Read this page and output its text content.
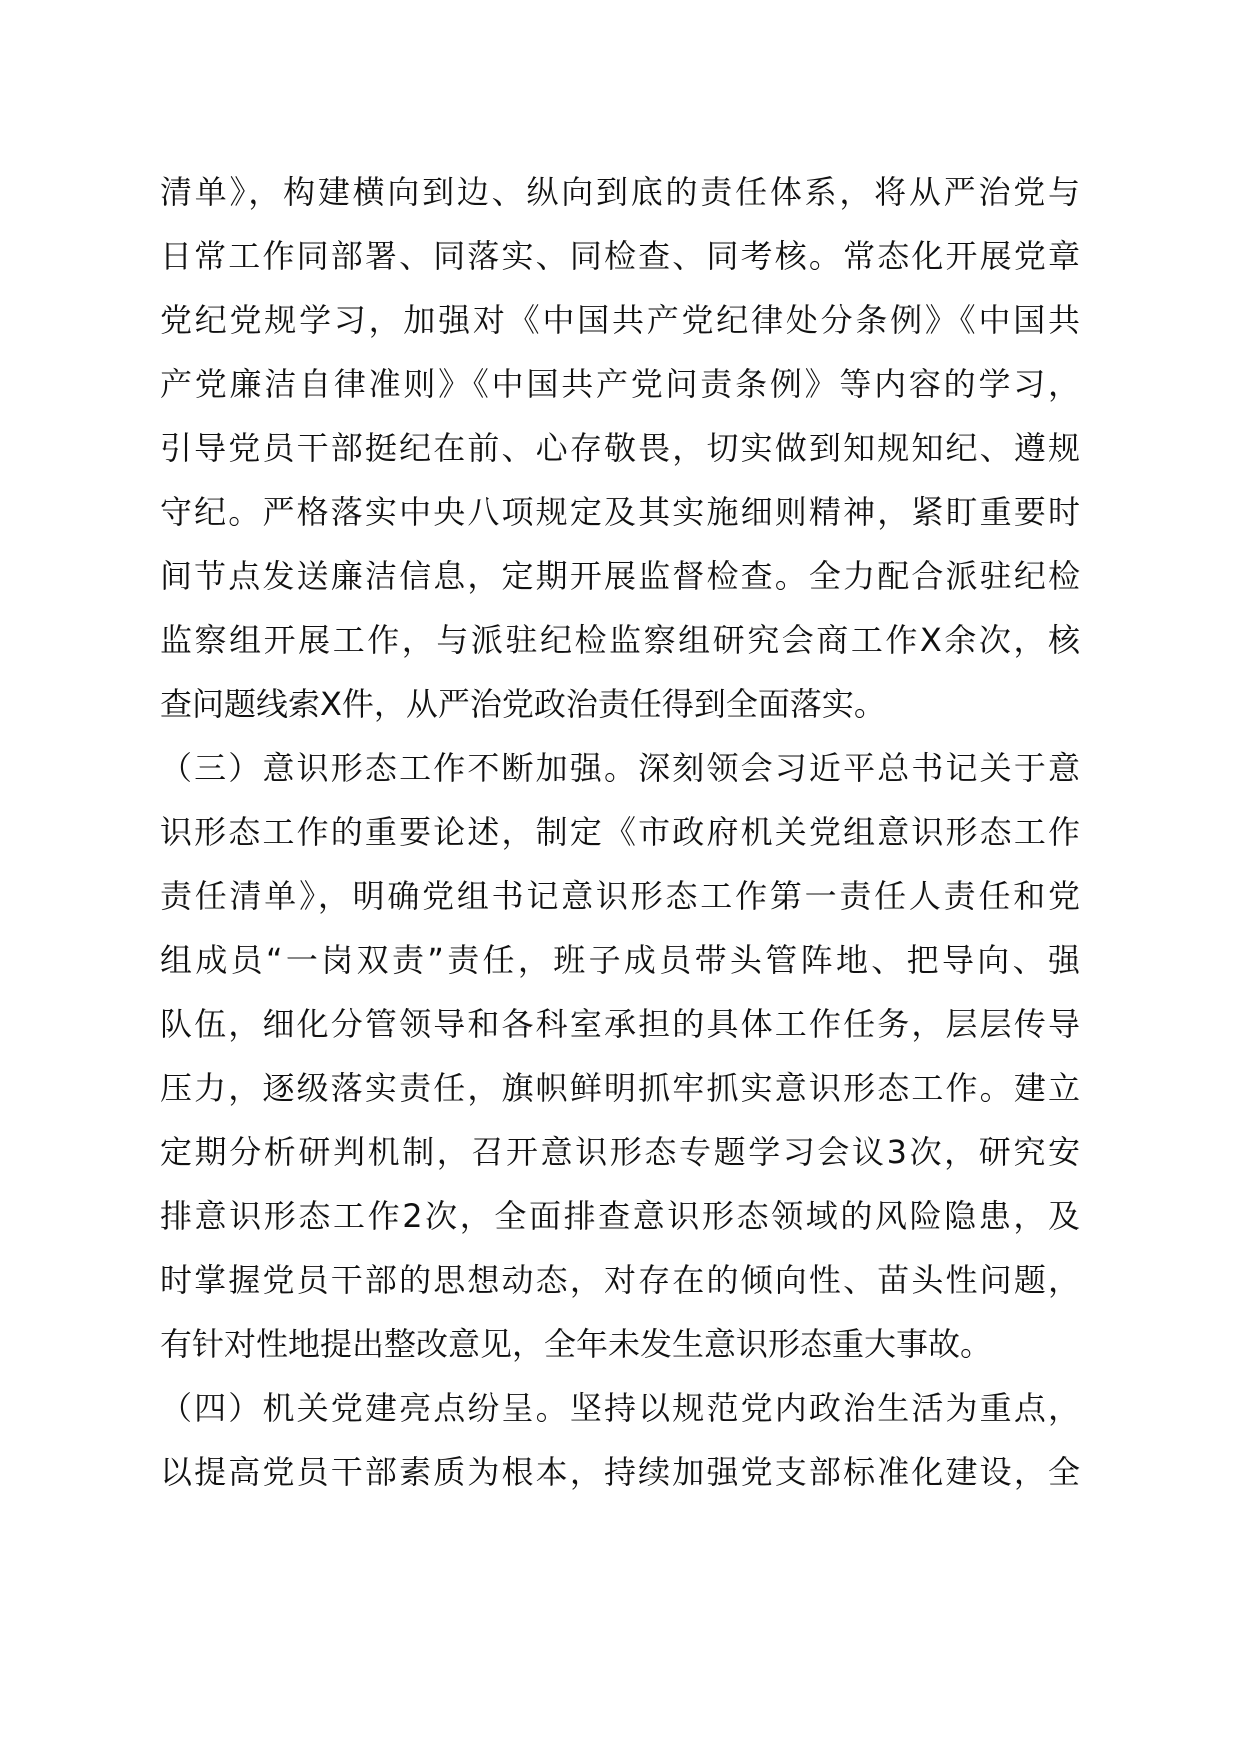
清单》，构建横向到边、纵向到底的责任体系，将从严治党与
日常工作同部署、同落实、同检查、同考核。常态化开展党章
党纪党规学习，加强对《中国共产党纪律处分条例》《中国共
产党廉洁自律准则》《中国共产党问责条例》等内容的学习，
引导党员干部挺纪在前、心存敬畏，切实做到知规知纪、遵规
守纪。严格落实中央八项规定及其实施细则精神，紧盯重要时
间节点发送廉洁信息，定期开展监督检查。全力配合派驻纪检
监察组开展工作，与派驻纪检监察组研究会商工作X余次，核
查问题线索X件，从严治党政治责任得到全面落实。
（三）意识形态工作不断加强。深刻领会习近平总书记关于意
识形态工作的重要论述，制定《市政府机关党组意识形态工作
责任清单》，明确党组书记意识形态工作第一责任人责任和党
组成员“一岗双责”责任，班子成员带头管阵地、把导向、强
队伍，细化分管领导和各科室承担的具体工作任务，层层传导
压力，逐级落实责任，旗帜鲜明抓牢抓实意识形态工作。建立
定期分析研判机制，召开意识形态专题学习会议3次，研究安
排意识形态工作2次，全面排查意识形态领域的风险隐患，及
时掌握党员干部的思想动态，对存在的倾向性、苗头性问题，
有针对性地提出整改意见，全年未发生意识形态重大事故。
（四）机关党建亮点纷呈。坚持以规范党内政治生活为重点，
以提高党员干部素质为根本，持续加强党支部标准化建设，全
